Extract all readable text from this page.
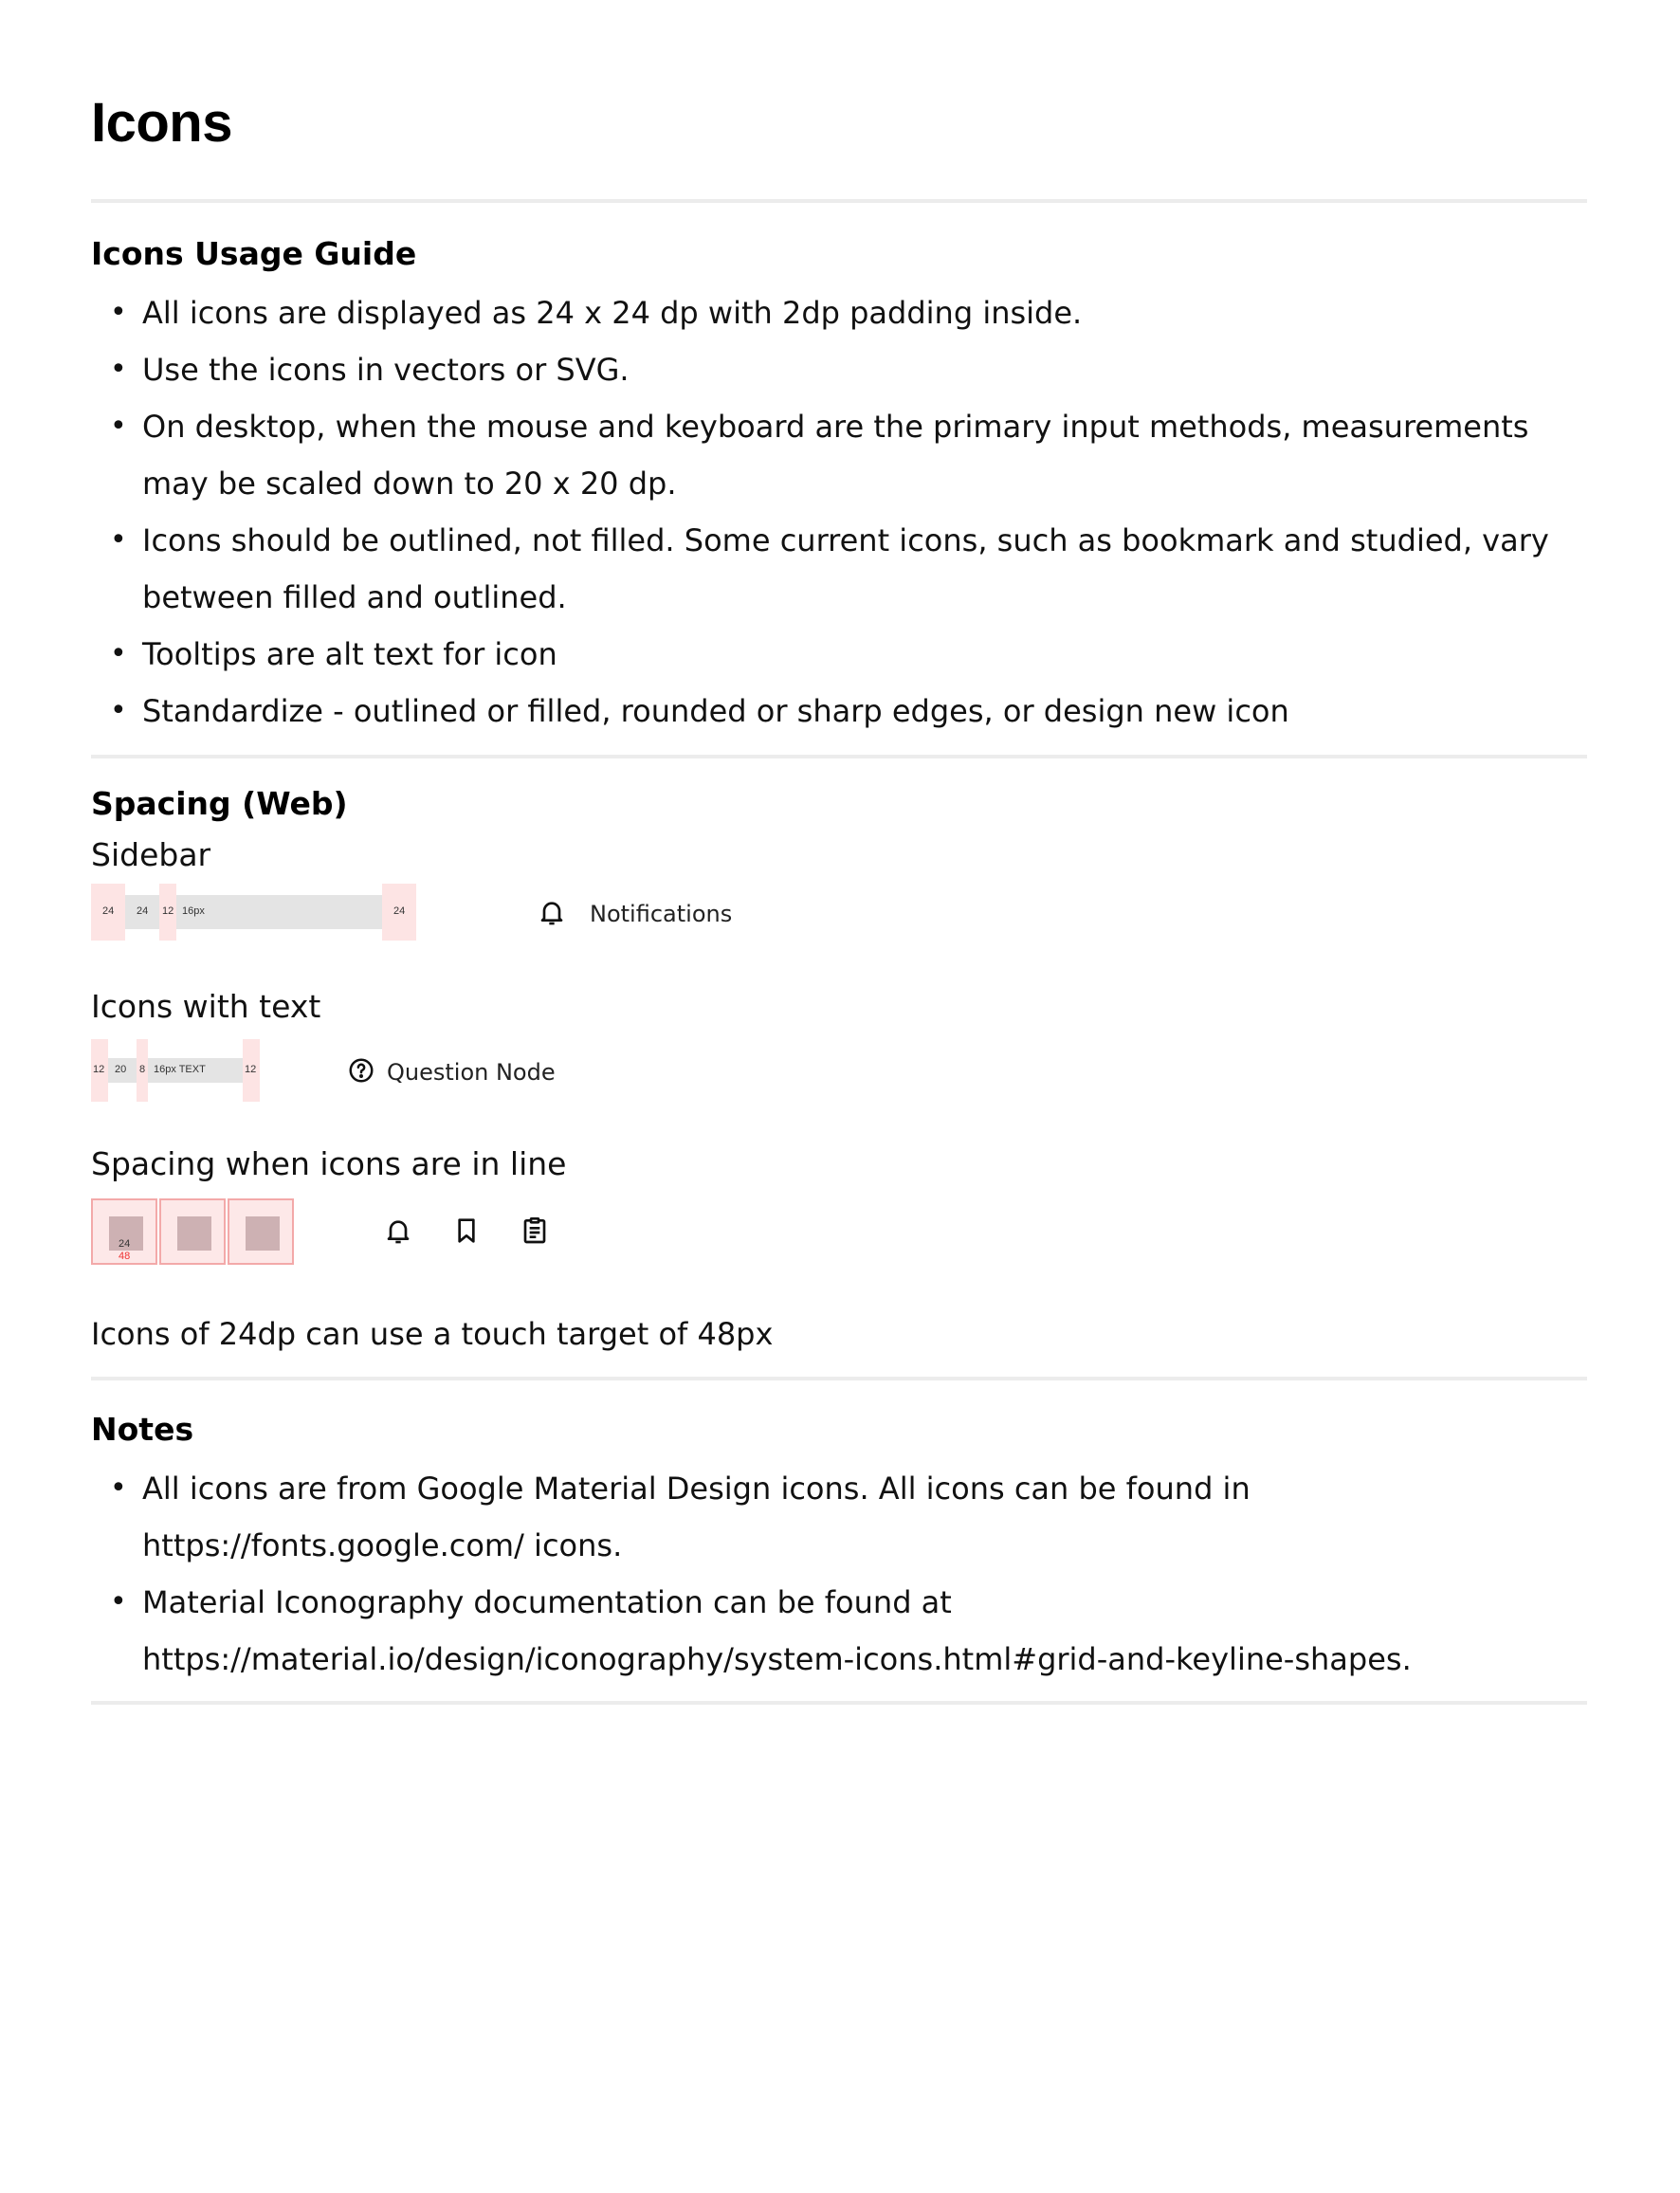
Icons
Icons Usage Guide
• All icons are displayed as 24 x 24 dp with 2dp padding inside.
• Use the icons in vectors or SVG.
• On desktop, when the mouse and keyboard are the primary input methods, measurements may be scaled down to 20 x 20 dp.
• Icons should be outlined, not filled. Some current icons, such as bookmark and studied, vary between filled and outlined.
• Tooltips are alt text for icon
• Standardize - outlined or filled, rounded or sharp edges, or design new icon
Spacing (Web)
Sidebar
24 24 12 16px	24	Notifications
Icons with text
12 20 8 16px TEXT	12	Question Node
Spacing when icons are in line
24
48
Icons of 24dp can use a touch target of 48px
Notes
• All icons are from Google Material Design icons. All icons can be found in https://fonts.google.com/ icons.
• Material Iconography documentation can be found at https://material.io/design/iconography/system-icons.html#grid-and-keyline-shapes.
